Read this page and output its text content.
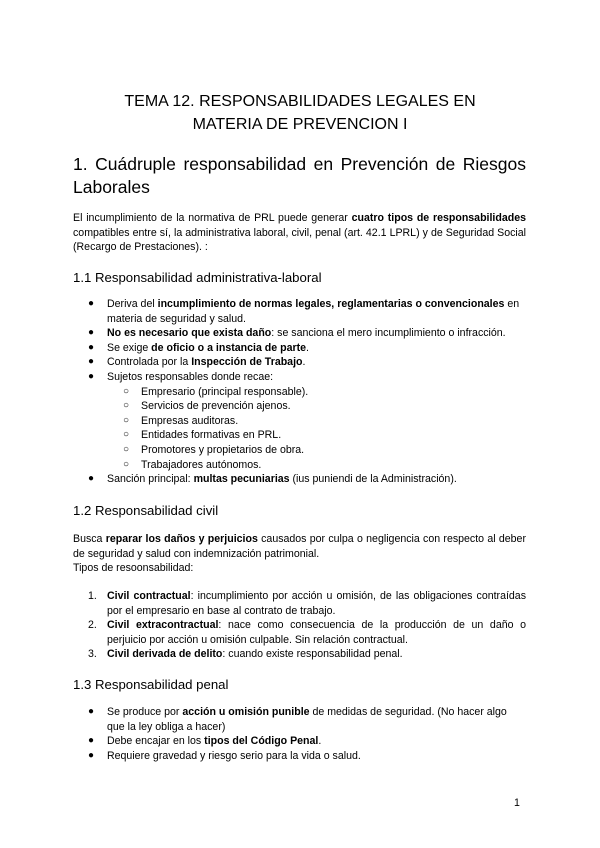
TEMA 12. RESPONSABILIDADES LEGALES EN
MATERIA DE PREVENCION I
1. Cuádruple responsabilidad en Prevención de Riesgos Laborales
El incumplimiento de la normativa de PRL puede generar cuatro tipos de responsabilidades compatibles entre sí, la administrativa laboral, civil, penal (art. 42.1 LPRL) y de Seguridad Social (Recargo de Prestaciones). :
1.1 Responsabilidad administrativa-laboral
● Deriva del incumplimiento de normas legales, reglamentarias o convencionales en materia de seguridad y salud.
● No es necesario que exista daño: se sanciona el mero incumplimiento o infracción.
● Se exige de oficio o a instancia de parte.
● Controlada por la Inspección de Trabajo.
● Sujetos responsables donde recae:
○ Empresario (principal responsable).
○ Servicios de prevención ajenos.
○ Empresas auditoras.
○ Entidades formativas en PRL.
○ Promotores y propietarios de obra.
○ Trabajadores autónomos.
● Sanción principal: multas pecuniarias (ius puniendi de la Administración).
1.2 Responsabilidad civil
Busca reparar los daños y perjuicios causados por culpa o negligencia con respecto al deber de seguridad y salud con indemnización patrimonial.
Tipos de resoonsabilidad:
1. Civil contractual: incumplimiento por acción u omisión, de las obligaciones contraídas por el empresario en base al contrato de trabajo.
2. Civil extracontractual: nace como consecuencia de la producción de un daño o perjuicio por acción u omisión culpable. Sin relación contractual.
3. Civil derivada de delito: cuando existe responsabilidad penal.
1.3 Responsabilidad penal
● Se produce por acción u omisión punible de medidas de seguridad. (No hacer algo que la ley obliga a hacer)
● Debe encajar en los tipos del Código Penal.
● Requiere gravedad y riesgo serio para la vida o salud.
1
